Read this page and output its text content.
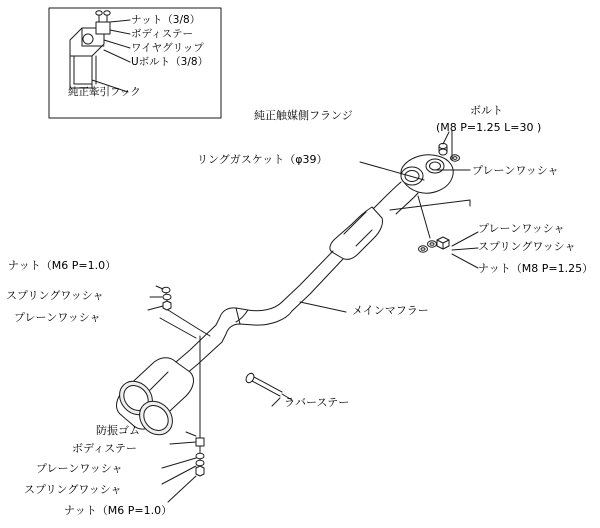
ナット（3/8）
ボディステー
ワイヤグリップ
Uボルト（3/8）
純正牽引フック
純正触媒側フランジ	ボルト
(M8 P=1.25 L=30 )
リングガスケット（φ39）
プレーンワッシャ
プレーンワッシャ
スプリングワッシャ
ナット（M8 P=1.25）
ナット（M6 P=1.0）
スプリングワッシャ
プレーンワッシャ
メインマフラー
ラバーステー
防振ゴム
ボディステー
プレーンワッシャ
スプリングワッシャ
ナット（M6 P=1.0）
